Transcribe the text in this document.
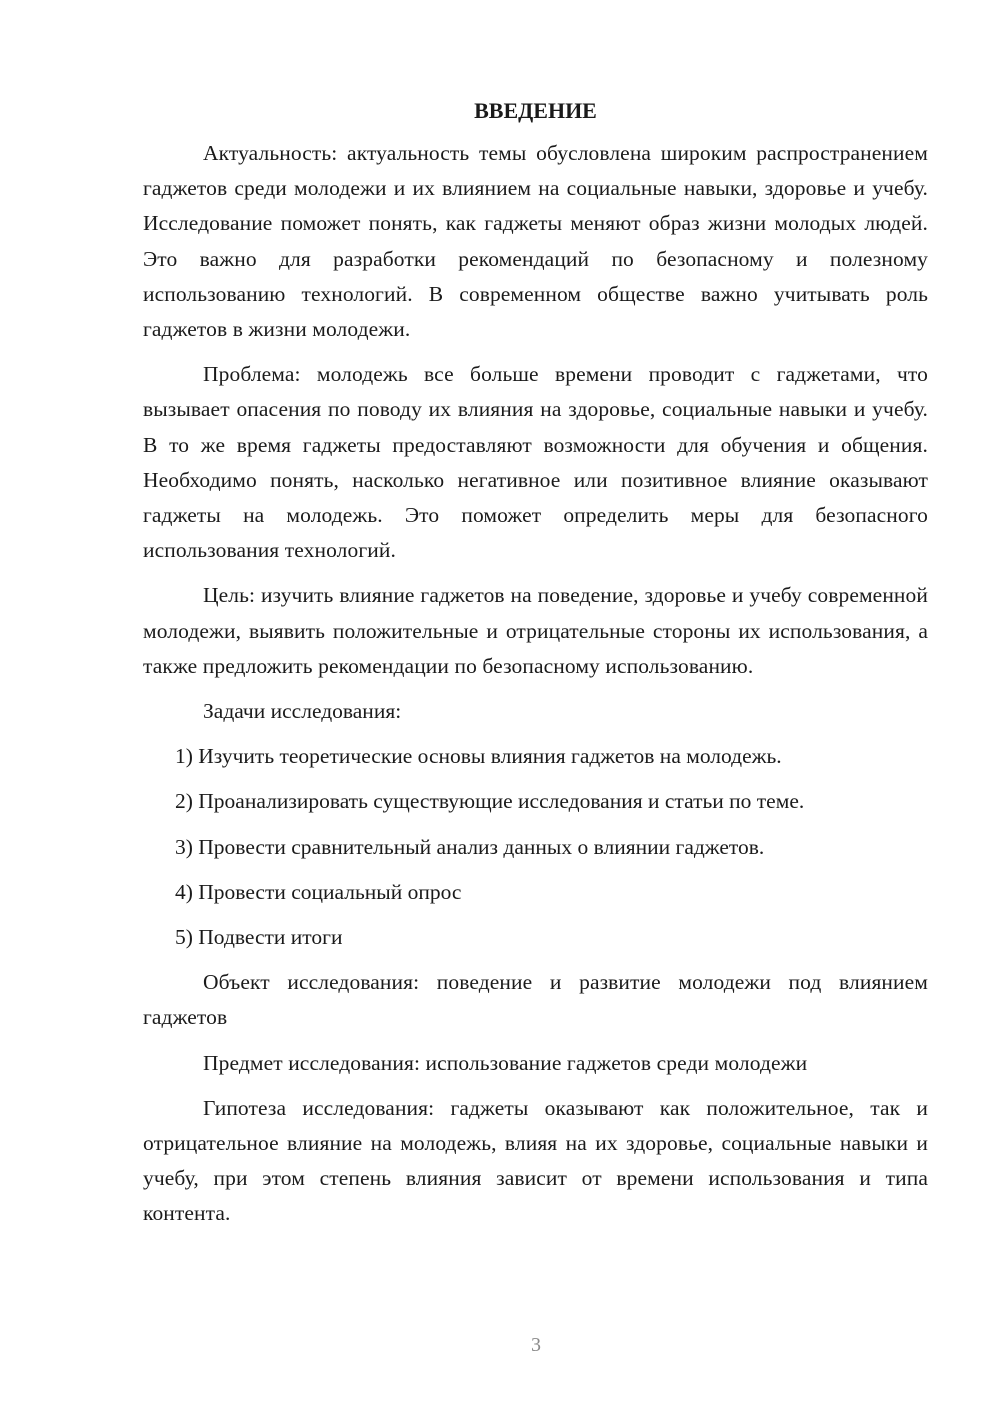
ВВЕДЕНИЕ

Актуальность: актуальность темы обусловлена широким распространением гаджетов среди молодежи и их влиянием на социальные навыки, здоровье и учебу. Исследование поможет понять, как гаджеты меняют образ жизни молодых людей. Это важно для разработки рекомендаций по безопасному и полезному использованию технологий. В современном обществе важно учитывать роль гаджетов в жизни молодежи.

Проблема: молодежь все больше времени проводит с гаджетами, что вызывает опасения по поводу их влияния на здоровье, социальные навыки и учебу. В то же время гаджеты предоставляют возможности для обучения и общения. Необходимо понять, насколько негативное или позитивное влияние оказывают гаджеты на молодежь. Это поможет определить меры для безопасного использования технологий.

Цель: изучить влияние гаджетов на поведение, здоровье и учебу современной молодежи, выявить положительные и отрицательные стороны их использования, а также предложить рекомендации по безопасному использованию.

Задачи исследования:

1) Изучить теоретические основы влияния гаджетов на молодежь.

2) Проанализировать существующие исследования и статьи по теме.

3) Провести сравнительный анализ данных о влиянии гаджетов.

4) Провести социальный опрос

5) Подвести итоги

Объект исследования: поведение и развитие молодежи под влиянием гаджетов

Предмет исследования: использование гаджетов среди молодежи

Гипотеза исследования: гаджеты оказывают как положительное, так и отрицательное влияние на молодежь, влияя на их здоровье, социальные навыки и учебу, при этом степень влияния зависит от времени использования и типа контента.

3
